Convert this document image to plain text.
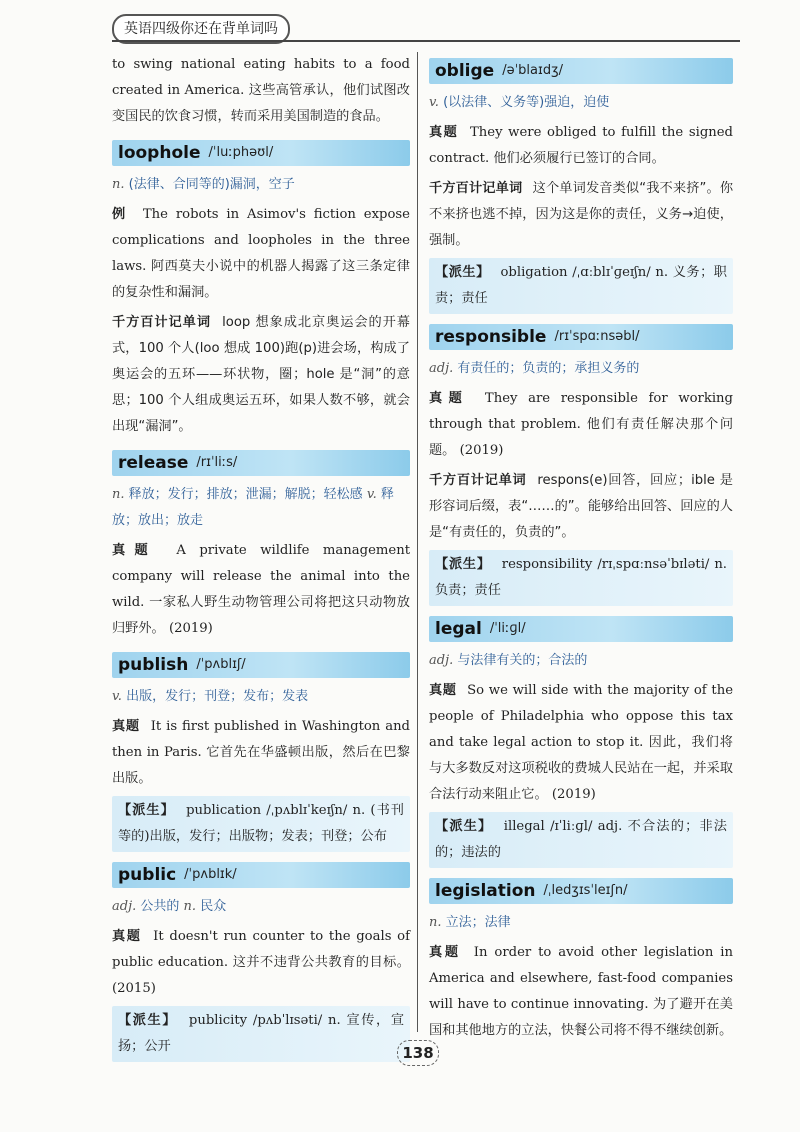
英语四级你还在背单词吗

to swing national eating habits to a food created in America. 这些高管承认，他们试图改变国民的饮食习惯，转而采用美国制造的食品。

loophole /ˈluːphəʊl/

n. (法律、合同等的)漏洞，空子

例 The robots in Asimov's fiction expose complications and loopholes in the three laws. 阿西莫夫小说中的机器人揭露了这三条定律的复杂性和漏洞。

千方百计记单词 loop 想象成北京奥运会的开幕式，100 个人(loo 想成 100)跑(p)进会场，构成了奥运会的五环——环状物，圈；hole 是“洞”的意思；100 个人组成奥运五环，如果人数不够，就会出现“漏洞”。

release /rɪˈliːs/

n. 释放；发行；排放；泄漏；解脱；轻松感 v. 释放；放出；放走

真题 A private wildlife management company will release the animal into the wild. 一家私人野生动物管理公司将把这只动物放归野外。 (2019)

publish /ˈpʌblɪʃ/

v. 出版，发行；刊登；发布；发表

真题 It is first published in Washington and then in Paris. 它首先在华盛顿出版，然后在巴黎出版。

【派生】 publication /ˌpʌblɪˈkeɪʃn/ n. (书刊等的)出版，发行；出版物；发表；刊登；公布

public /ˈpʌblɪk/

adj. 公共的 n. 民众

真题 It doesn't run counter to the goals of public education. 这并不违背公共教育的目标。 (2015)

【派生】 publicity /pʌbˈlɪsəti/ n. 宣传，宣扬；公开

oblige /əˈblaɪdʒ/

v. (以法律、义务等)强迫，迫使

真题 They were obliged to fulfill the signed contract. 他们必须履行已签订的合同。

千方百计记单词 这个单词发音类似“我不来挤”。你不来挤也逃不掉，因为这是你的责任，义务→迫使，强制。

【派生】 obligation /ˌɑːblɪˈɡeɪʃn/ n. 义务；职责；责任

responsible /rɪˈspɑːnsəbl/

adj. 有责任的；负责的；承担义务的

真题 They are responsible for working through that problem. 他们有责任解决那个问题。 (2019)

千方百计记单词 respons(e)回答，回应；ible 是形容词后缀，表“……的”。能够给出回答、回应的人是“有责任的，负责的”。

【派生】 responsibility /rɪˌspɑːnsəˈbɪləti/ n. 负责；责任

legal /ˈliːɡl/

adj. 与法律有关的；合法的

真题 So we will side with the majority of the people of Philadelphia who oppose this tax and take legal action to stop it. 因此，我们将与大多数反对这项税收的费城人民站在一起，并采取合法行动来阻止它。 (2019)

【派生】 illegal /ɪˈliːɡl/ adj. 不合法的；非法的；违法的

legislation /ˌledʒɪsˈleɪʃn/

n. 立法；法律

真题 In order to avoid other legislation in America and elsewhere, fast-food companies will have to continue innovating. 为了避开在美国和其他地方的立法，快餐公司将不得不继续创新。

138
